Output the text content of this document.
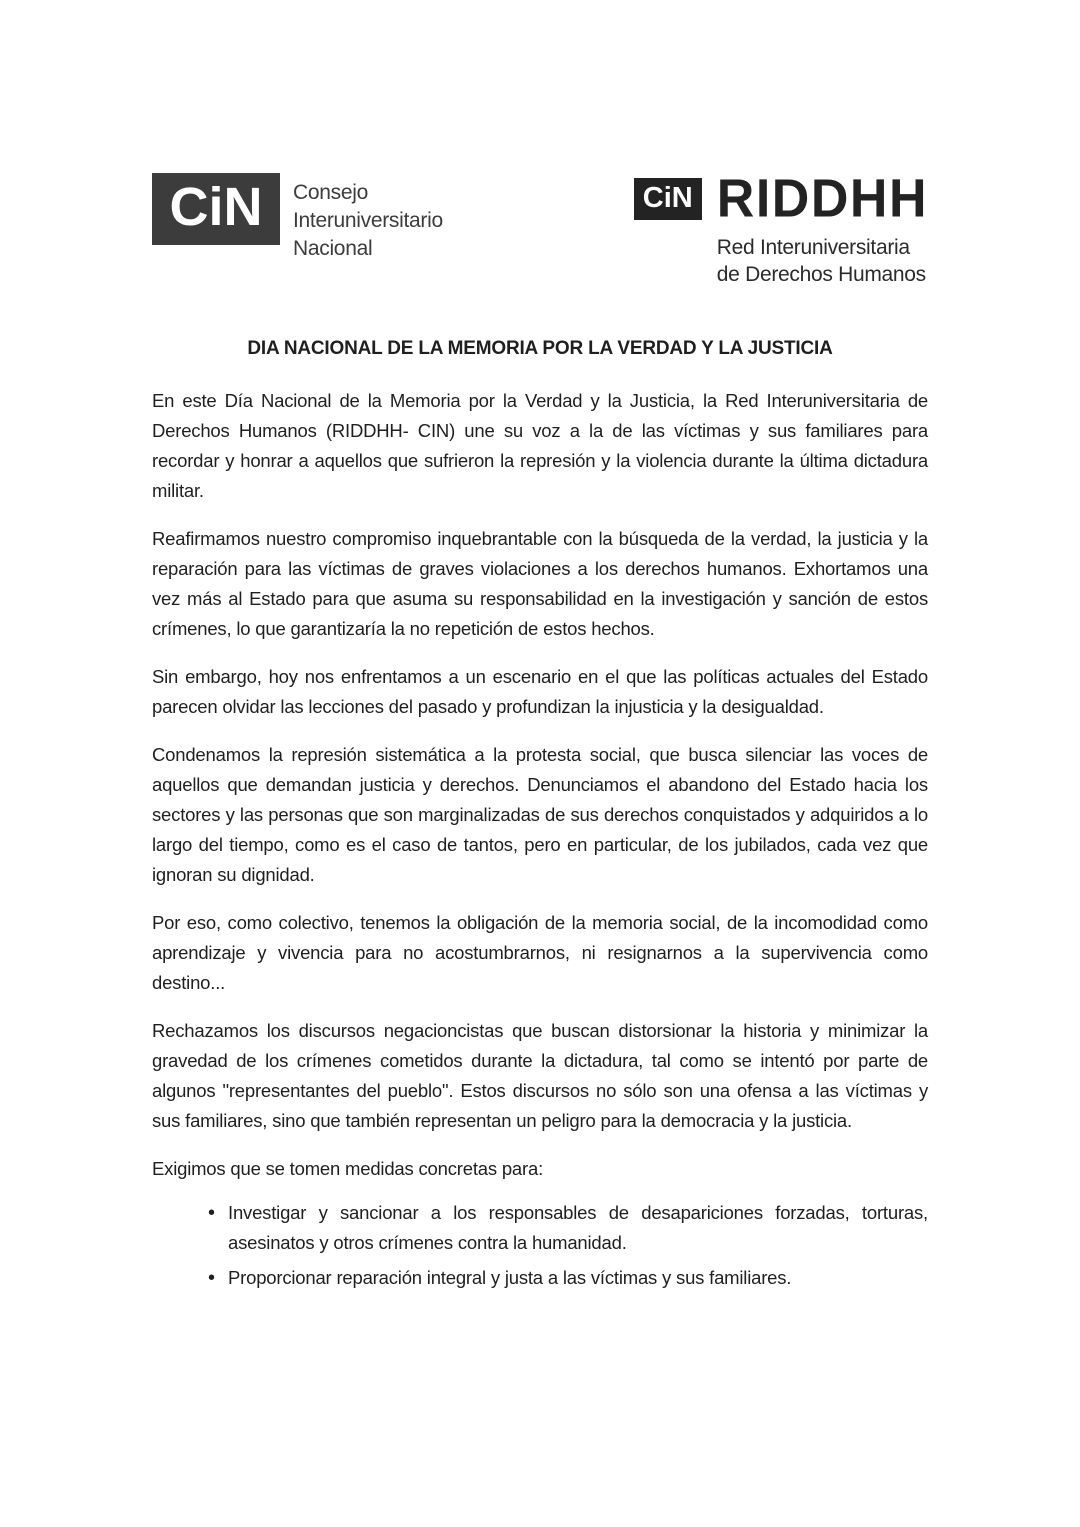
CiN	Consejo
Interuniversitario
Nacional
CiN RIDDHH
Red Interuniversitaria
de Derechos Humanos
DIA NACIONAL DE LA MEMORIA POR LA VERDAD Y LA JUSTICIA

En este Día Nacional de la Memoria por la Verdad y la Justicia, la Red Interuniversitaria de Derechos Humanos (RIDDHH- CIN) une su voz a la de las víctimas y sus familiares para recordar y honrar a aquellos que sufrieron la represión y la violencia durante la última dictadura militar.

Reafirmamos nuestro compromiso inquebrantable con la búsqueda de la verdad, la justicia y la reparación para las víctimas de graves violaciones a los derechos humanos. Exhortamos una vez más al Estado para que asuma su responsabilidad en la investigación y sanción de estos crímenes, lo que garantizaría la no repetición de estos hechos.

Sin embargo, hoy nos enfrentamos a un escenario en el que las políticas actuales del Estado parecen olvidar las lecciones del pasado y profundizan la injusticia y la desigualdad.

Condenamos la represión sistemática a la protesta social, que busca silenciar las voces de aquellos que demandan justicia y derechos. Denunciamos el abandono del Estado hacia los sectores y las personas que son marginalizadas de sus derechos conquistados y adquiridos a lo largo del tiempo, como es el caso de tantos, pero en particular, de los jubilados, cada vez que ignoran su dignidad.

Por eso, como colectivo, tenemos la obligación de la memoria social, de la incomodidad como aprendizaje y vivencia para no acostumbrarnos, ni resignarnos a la supervivencia como destino...

Rechazamos los discursos negacioncistas que buscan distorsionar la historia y minimizar la gravedad de los crímenes cometidos durante la dictadura, tal como se intentó por parte de algunos "representantes del pueblo". Estos discursos no sólo son una ofensa a las víctimas y sus familiares, sino que también representan un peligro para la democracia y la justicia.

Exigimos que se tomen medidas concretas para:

• Investigar y sancionar a los responsables de desapariciones forzadas, torturas, asesinatos y otros crímenes contra la humanidad.
• Proporcionar reparación integral y justa a las víctimas y sus familiares.
